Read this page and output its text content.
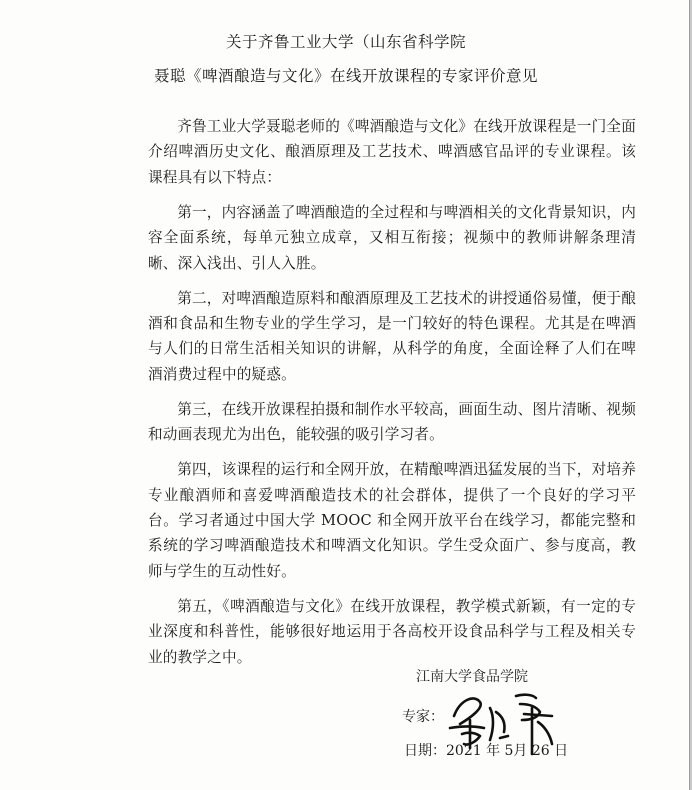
关于齐鲁工业大学（山东省科学院
聂聪《啤酒酿造与文化》在线开放课程的专家评价意见

齐鲁工业大学聂聪老师的《啤酒酿造与文化》在线开放课程是一门全面介绍啤酒历史文化、酿酒原理及工艺技术、啤酒感官品评的专业课程。该课程具有以下特点：

第一，内容涵盖了啤酒酿造的全过程和与啤酒相关的文化背景知识，内容全面系统，每单元独立成章，又相互衔接；视频中的教师讲解条理清晰、深入浅出、引人入胜。

第二，对啤酒酿造原料和酿酒原理及工艺技术的讲授通俗易懂，便于酿酒和食品和生物专业的学生学习，是一门较好的特色课程。尤其是在啤酒与人们的日常生活相关知识的讲解，从科学的角度，全面诠释了人们在啤酒消费过程中的疑惑。

第三，在线开放课程拍摄和制作水平较高，画面生动、图片清晰、视频和动画表现尤为出色，能较强的吸引学习者。

第四，该课程的运行和全网开放，在精酿啤酒迅猛发展的当下，对培养专业酿酒师和喜爱啤酒酿造技术的社会群体，提供了一个良好的学习平台。学习者通过中国大学 MOOC 和全网开放平台在线学习，都能完整和系统的学习啤酒酿造技术和啤酒文化知识。学生受众面广、参与度高，教师与学生的互动性好。

第五，《啤酒酿造与文化》在线开放课程，教学模式新颖，有一定的专业深度和科普性，能够很好地运用于各高校开设食品科学与工程及相关专业的教学之中。

江南大学食品学院
专家：
日期：2021 年 5月 26 日
